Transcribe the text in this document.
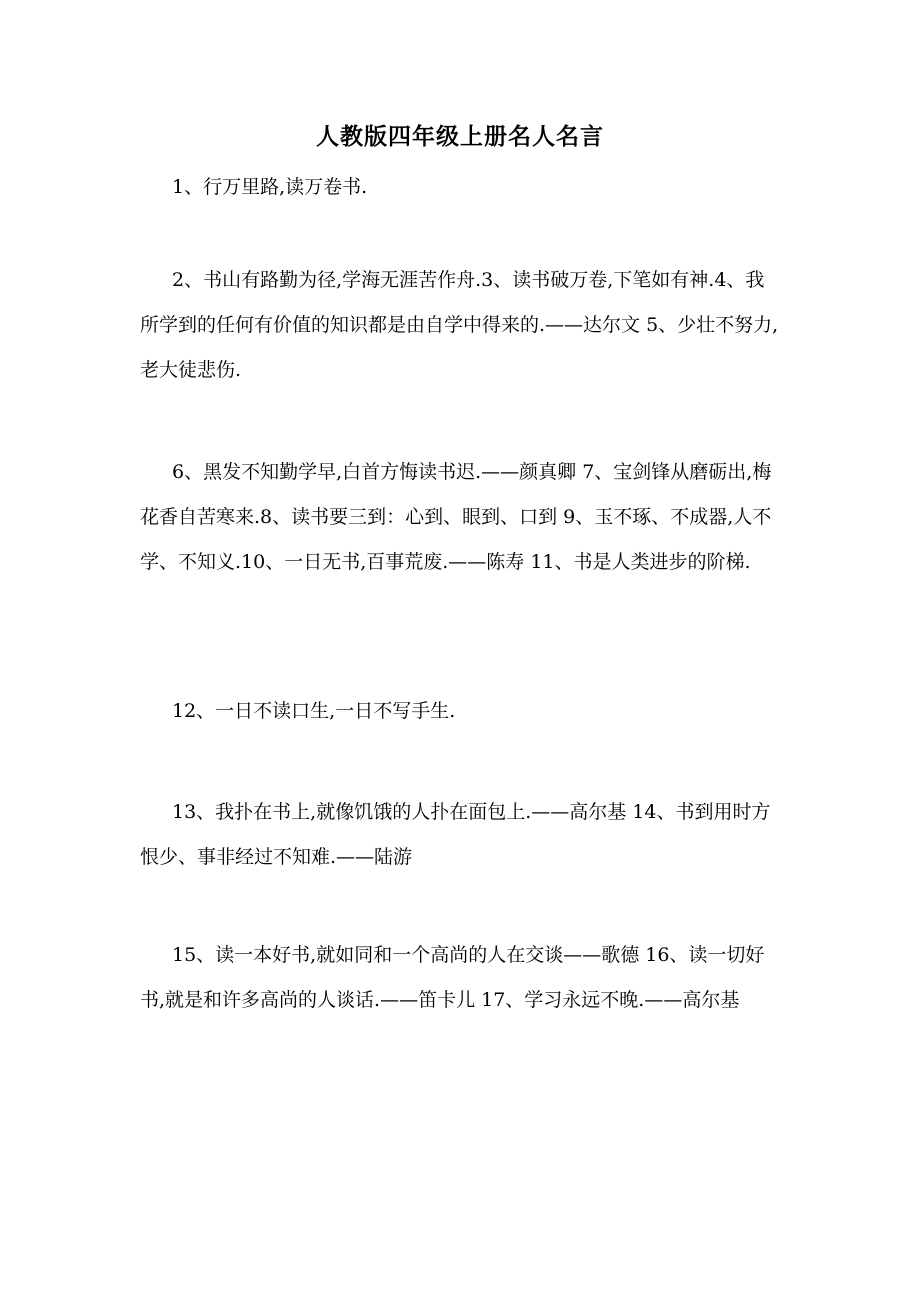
人教版四年级上册名人名言

1、行万里路,读万卷书.

2、书山有路勤为径,学海无涯苦作舟.3、读书破万卷,下笔如有神.4、我所学到的任何有价值的知识都是由自学中得来的.——达尔文 5、少壮不努力,老大徒悲伤.

6、黑发不知勤学早,白首方悔读书迟.——颜真卿 7、宝剑锋从磨砺出,梅花香自苦寒来.8、读书要三到：心到、眼到、口到 9、玉不琢、不成器,人不学、不知义.10、一日无书,百事荒废.——陈寿 11、书是人类进步的阶梯.

12、一日不读口生,一日不写手生.

13、我扑在书上,就像饥饿的人扑在面包上.——高尔基 14、书到用时方恨少、事非经过不知难.——陆游

15、读一本好书,就如同和一个高尚的人在交谈——歌德 16、读一切好书,就是和许多高尚的人谈话.——笛卡儿 17、学习永远不晚.——高尔基
